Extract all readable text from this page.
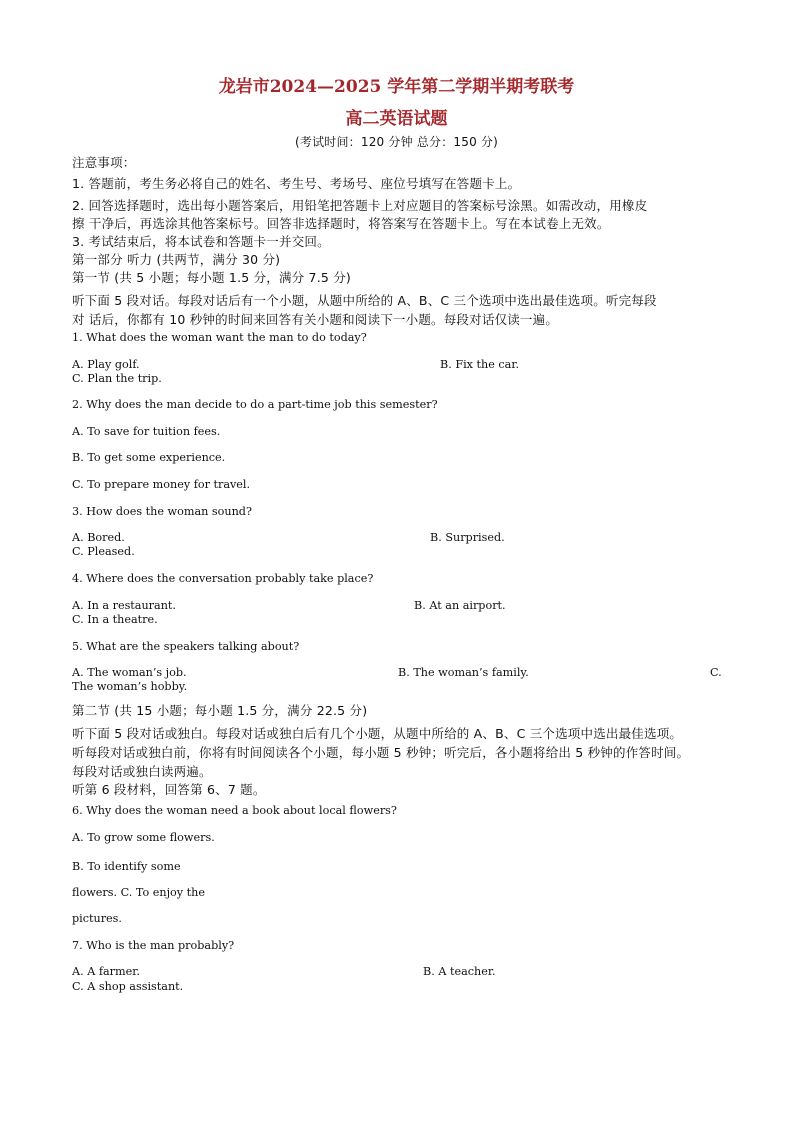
龙岩市2024—2025 学年第二学期半期考联考
高二英语试题
(考试时间：120 分钟 总分：150 分)
注意事项：
1. 答题前，考生务必将自己的姓名、考生号、考场号、座位号填写在答题卡上。
2. 回答选择题时，选出每小题答案后，用铅笔把答题卡上对应题目的答案标号涂黑。如需改动，用橡皮
擦 干净后，再选涂其他答案标号。回答非选择题时，将答案写在答题卡上。写在本试卷上无效。
3. 考试结束后，将本试卷和答题卡一并交回。
第一部分 听力 (共两节，满分 30 分)
第一节 (共 5 小题；每小题 1.5 分，满分 7.5 分)
听下面 5 段对话。每段对话后有一个小题，从题中所给的 A、B、C 三个选项中选出最佳选项。听完每段
对 话后，你都有 10 秒钟的时间来回答有关小题和阅读下一小题。每段对话仅读一遍。
1. What does the woman want the man to do today?
A. Play golf.	B. Fix the car.
C. Plan the trip.
2. Why does the man decide to do a part-time job this semester?
A. To save for tuition fees.
B. To get some experience.
C. To prepare money for travel.
3. How does the woman sound?
A. Bored.	B. Surprised.
C. Pleased.
4. Where does the conversation probably take place?
A. In a restaurant.	B. At an airport.
C. In a theatre.
5. What are the speakers talking about?
A. The woman’s job.	B. The woman’s family.	C.
The woman’s hobby.
第二节 (共 15 小题；每小题 1.5 分，满分 22.5 分)
听下面 5 段对话或独白。每段对话或独白后有几个小题，从题中所给的 A、B、C 三个选项中选出最佳选项。
听每段对话或独白前，你将有时间阅读各个小题，每小题 5 秒钟；听完后，各小题将给出 5 秒钟的作答时间。
每段对话或独白读两遍。
听第 6 段材料，回答第 6、7 题。
6. Why does the woman need a book about local flowers?
A. To grow some flowers.
B. To identify some
flowers. C. To enjoy the
pictures.
7. Who is the man probably?
A. A farmer.	B. A teacher.
C. A shop assistant.
